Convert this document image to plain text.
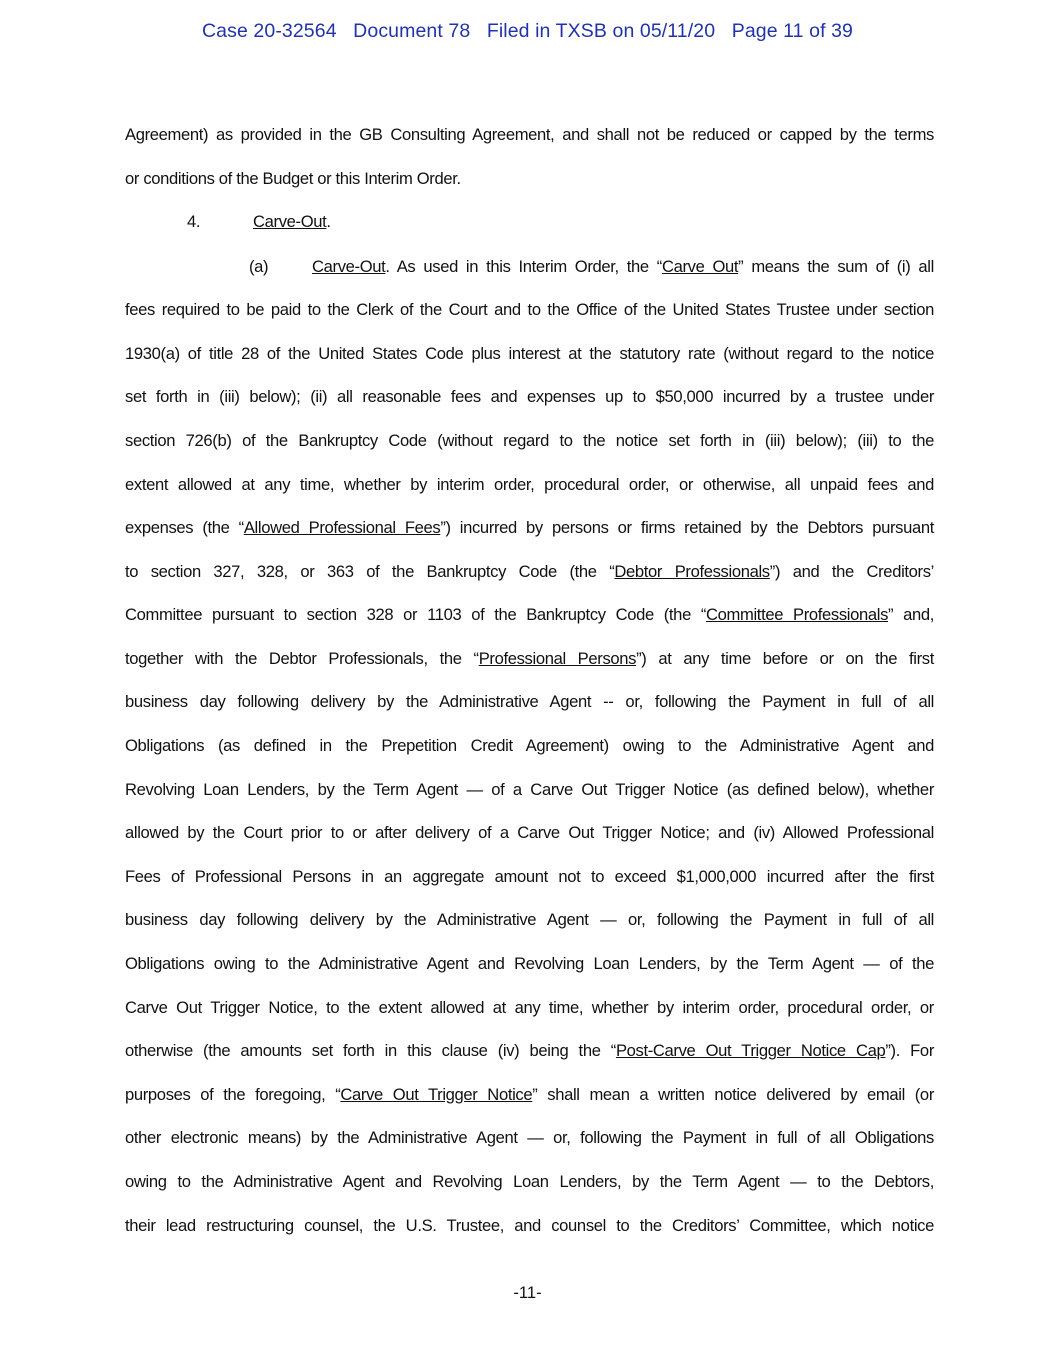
Case 20-32564   Document 78   Filed in TXSB on 05/11/20   Page 11 of 39
Agreement) as provided in the GB Consulting Agreement, and shall not be reduced or capped by the terms
or conditions of the Budget or this Interim Order.
4.	Carve-Out.
(a)	Carve-Out. As used in this Interim Order, the “Carve Out” means the sum of (i) all
fees required to be paid to the Clerk of the Court and to the Office of the United States Trustee under section
1930(a) of title 28 of the United States Code plus interest at the statutory rate (without regard to the notice
set forth in (iii) below); (ii) all reasonable fees and expenses up to $50,000 incurred by a trustee under
section 726(b) of the Bankruptcy Code (without regard to the notice set forth in (iii) below); (iii) to the
extent allowed at any time, whether by interim order, procedural order, or otherwise, all unpaid fees and
expenses (the “Allowed Professional Fees”) incurred by persons or firms retained by the Debtors pursuant
to section 327, 328, or 363 of the Bankruptcy Code (the “Debtor Professionals”) and the Creditors’
Committee pursuant to section 328 or 1103 of the Bankruptcy Code (the “Committee Professionals” and,
together with the Debtor Professionals, the “Professional Persons”) at any time before or on the first
business day following delivery by the Administrative Agent -- or, following the Payment in full of all
Obligations (as defined in the Prepetition Credit Agreement) owing to the Administrative Agent and
Revolving Loan Lenders, by the Term Agent — of a Carve Out Trigger Notice (as defined below), whether
allowed by the Court prior to or after delivery of a Carve Out Trigger Notice; and (iv) Allowed Professional
Fees of Professional Persons in an aggregate amount not to exceed $1,000,000 incurred after the first
business day following delivery by the Administrative Agent — or, following the Payment in full of all
Obligations owing to the Administrative Agent and Revolving Loan Lenders, by the Term Agent — of the
Carve Out Trigger Notice, to the extent allowed at any time, whether by interim order, procedural order, or
otherwise (the amounts set forth in this clause (iv) being the “Post-Carve Out Trigger Notice Cap”). For
purposes of the foregoing, “Carve Out Trigger Notice” shall mean a written notice delivered by email (or
other electronic means) by the Administrative Agent — or, following the Payment in full of all Obligations
owing to the Administrative Agent and Revolving Loan Lenders, by the Term Agent — to the Debtors,
their lead restructuring counsel, the U.S. Trustee, and counsel to the Creditors’ Committee, which notice
-11-
